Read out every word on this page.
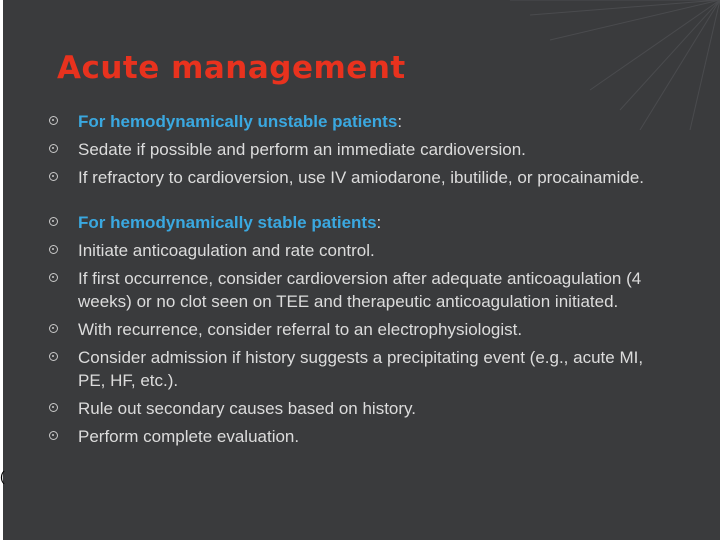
Acute management
For hemodynamically unstable patients:
Sedate if possible and perform an immediate cardioversion.
If refractory to cardioversion, use IV amiodarone, ibutilide, or procainamide.
For hemodynamically stable patients:
Initiate anticoagulation and rate control.
If first occurrence, consider cardioversion after adequate anticoagulation (4 weeks) or no clot seen on TEE and therapeutic anticoagulation initiated.
With recurrence, consider referral to an electrophysiologist.
Consider admission if history suggests a precipitating event (e.g., acute MI, PE, HF, etc.).
Rule out secondary causes based on history.
Perform complete evaluation.
(
